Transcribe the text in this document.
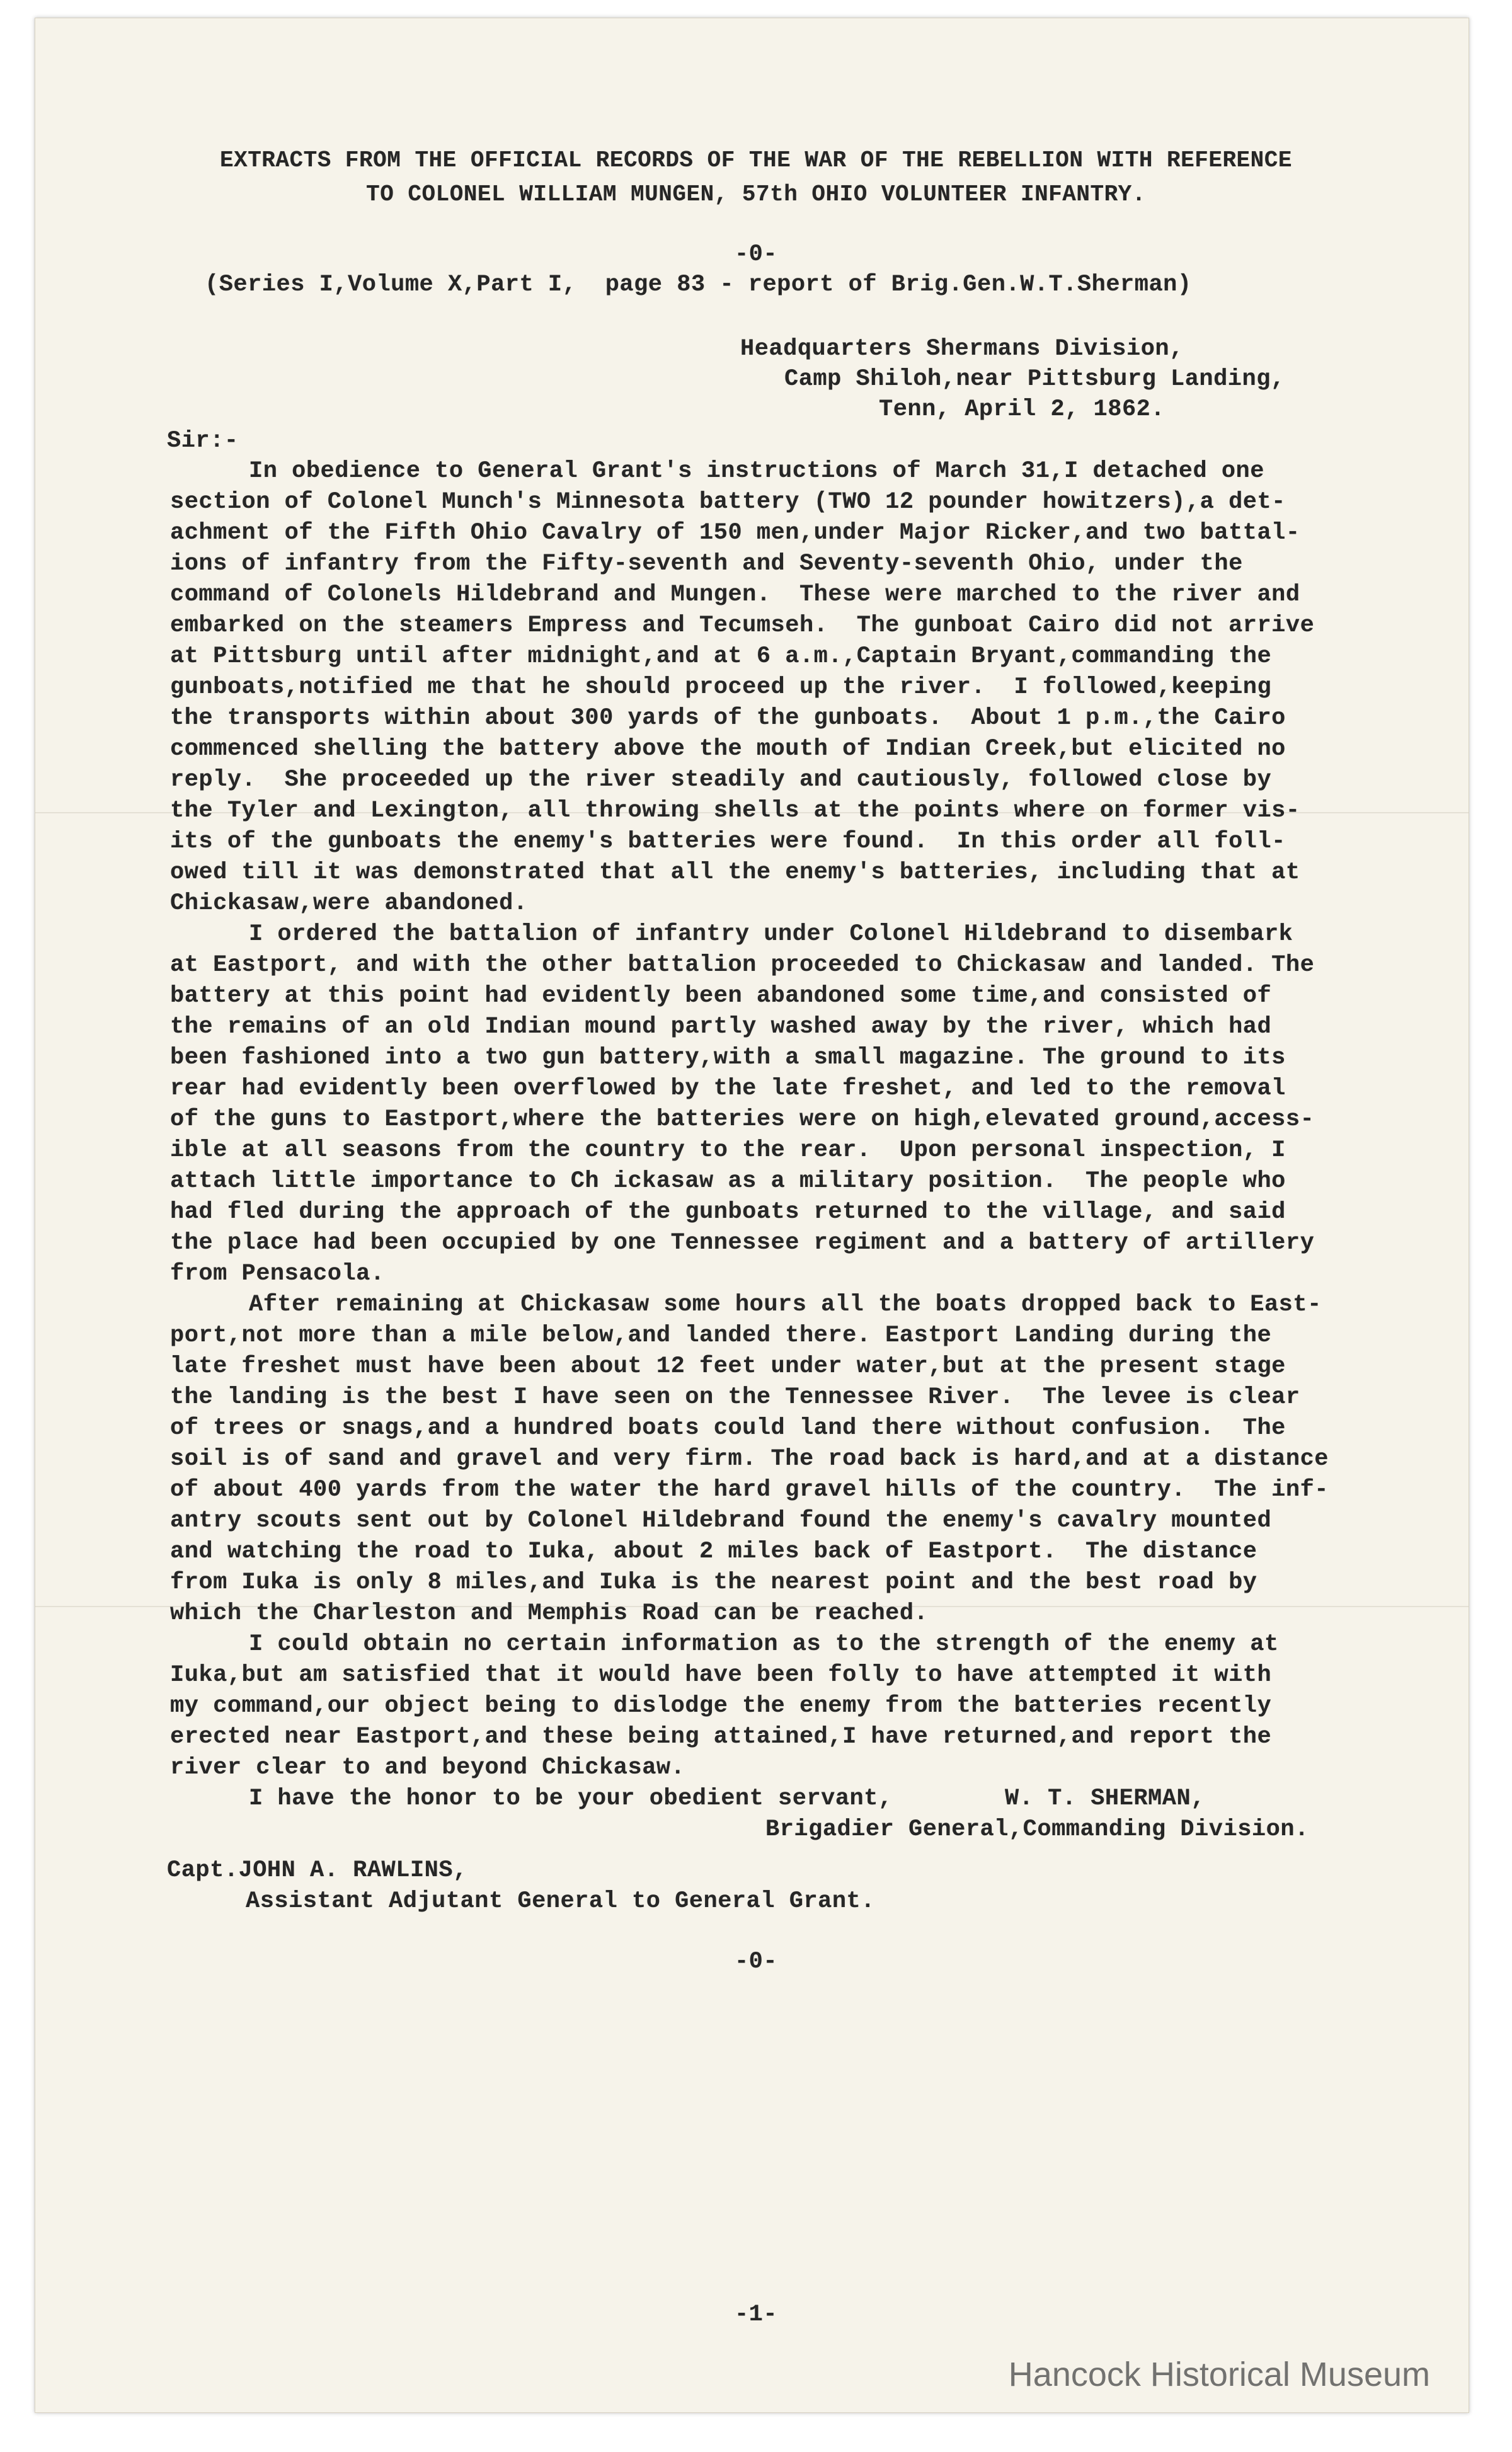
EXTRACTS FROM THE OFFICIAL RECORDS OF THE WAR OF THE REBELLION WITH REFERENCE
TO COLONEL WILLIAM MUNGEN, 57th OHIO VOLUNTEER INFANTRY.
-0-
(Series I,Volume X,Part I,  page 83 - report of Brig.Gen.W.T.Sherman)
Headquarters Shermans Division,
Camp Shiloh,near Pittsburg Landing,
Tenn, April 2, 1862.
Sir:-
In obedience to General Grant's instructions of March 31,I detached one
section of Colonel Munch's Minnesota battery (TWO 12 pounder howitzers),a det-
achment of the Fifth Ohio Cavalry of 150 men,under Major Ricker,and two battal-
ions of infantry from the Fifty-seventh and Seventy-seventh Ohio, under the
command of Colonels Hildebrand and Mungen.  These were marched to the river and
embarked on the steamers Empress and Tecumseh.  The gunboat Cairo did not arrive
at Pittsburg until after midnight,and at 6 a.m.,Captain Bryant,commanding the
gunboats,notified me that he should proceed up the river.  I followed,keeping
the transports within about 300 yards of the gunboats.  About 1 p.m.,the Cairo
commenced shelling the battery above the mouth of Indian Creek,but elicited no
reply.  She proceeded up the river steadily and cautiously, followed close by
the Tyler and Lexington, all throwing shells at the points where on former vis-
its of the gunboats the enemy's batteries were found.  In this order all foll-
owed till it was demonstrated that all the enemy's batteries, including that at
Chickasaw,were abandoned.
I ordered the battalion of infantry under Colonel Hildebrand to disembark
at Eastport, and with the other battalion proceeded to Chickasaw and landed. The
battery at this point had evidently been abandoned some time,and consisted of
the remains of an old Indian mound partly washed away by the river, which had
been fashioned into a two gun battery,with a small magazine. The ground to its
rear had evidently been overflowed by the late freshet, and led to the removal
of the guns to Eastport,where the batteries were on high,elevated ground,access-
ible at all seasons from the country to the rear.  Upon personal inspection, I
attach little importance to Ch ickasaw as a military position.  The people who
had fled during the approach of the gunboats returned to the village, and said
the place had been occupied by one Tennessee regiment and a battery of artillery
from Pensacola.
After remaining at Chickasaw some hours all the boats dropped back to East-
port,not more than a mile below,and landed there. Eastport Landing during the
late freshet must have been about 12 feet under water,but at the present stage
the landing is the best I have seen on the Tennessee River.  The levee is clear
of trees or snags,and a hundred boats could land there without confusion.  The
soil is of sand and gravel and very firm. The road back is hard,and at a distance
of about 400 yards from the water the hard gravel hills of the country.  The inf-
antry scouts sent out by Colonel Hildebrand found the enemy's cavalry mounted
and watching the road to Iuka, about 2 miles back of Eastport.  The distance
from Iuka is only 8 miles,and Iuka is the nearest point and the best road by
which the Charleston and Memphis Road can be reached.
I could obtain no certain information as to the strength of the enemy at
Iuka,but am satisfied that it would have been folly to have attempted it with
my command,our object being to dislodge the enemy from the batteries recently
erected near Eastport,and these being attained,I have returned,and report the
river clear to and beyond Chickasaw.
I have the honor to be your obedient servant,	W. T. SHERMAN,
Brigadier General,Commanding Division.
Capt.JOHN A. RAWLINS,
Assistant Adjutant General to General Grant.
-0-
-1-
Hancock Historical Museum
